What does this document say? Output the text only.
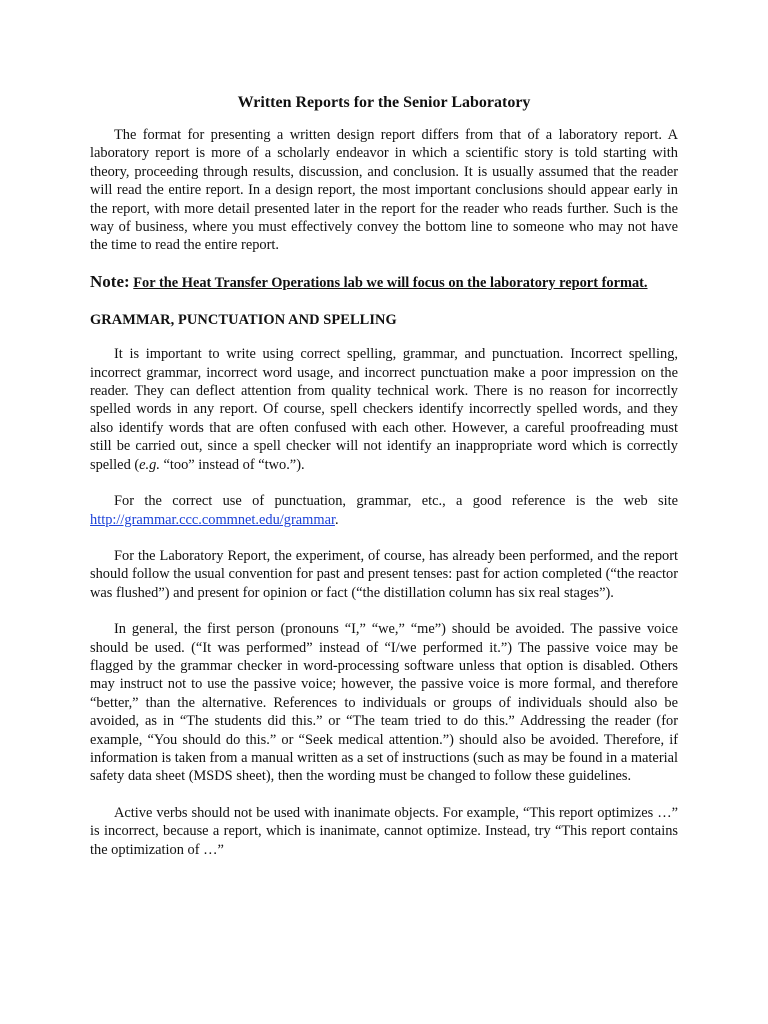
Written Reports for the Senior Laboratory

The format for presenting a written design report differs from that of a laboratory report. A laboratory report is more of a scholarly endeavor in which a scientific story is told starting with theory, proceeding through results, discussion, and conclusion. It is usually assumed that the reader will read the entire report. In a design report, the most important conclusions should appear early in the report, with more detail presented later in the report for the reader who reads further. Such is the way of business, where you must effectively convey the bottom line to someone who may not have the time to read the entire report.

Note: For the Heat Transfer Operations lab we will focus on the laboratory report format.
GRAMMAR, PUNCTUATION AND SPELLING

It is important to write using correct spelling, grammar, and punctuation. Incorrect spelling, incorrect grammar, incorrect word usage, and incorrect punctuation make a poor impression on the reader. They can deflect attention from quality technical work. There is no reason for incorrectly spelled words in any report. Of course, spell checkers identify incorrectly spelled words, and they also identify words that are often confused with each other. However, a careful proofreading must still be carried out, since a spell checker will not identify an inappropriate word which is correctly spelled (e.g. “too” instead of “two.”).

For the correct use of punctuation, grammar, etc., a good reference is the web site http://grammar.ccc.commnet.edu/grammar.

For the Laboratory Report, the experiment, of course, has already been performed, and the report should follow the usual convention for past and present tenses: past for action completed (“the reactor was flushed”) and present for opinion or fact (“the distillation column has six real stages”).

In general, the first person (pronouns “I,” “we,” “me”) should be avoided. The passive voice should be used. (“It was performed” instead of “I/we performed it.”) The passive voice may be flagged by the grammar checker in word-processing software unless that option is disabled. Others may instruct not to use the passive voice; however, the passive voice is more formal, and therefore “better,” than the alternative. References to individuals or groups of individuals should also be avoided, as in “The students did this.” or “The team tried to do this.” Addressing the reader (for example, “You should do this.” or “Seek medical attention.”) should also be avoided. Therefore, if information is taken from a manual written as a set of instructions (such as may be found in a material safety data sheet (MSDS sheet), then the wording must be changed to follow these guidelines.

Active verbs should not be used with inanimate objects. For example, “This report optimizes …” is incorrect, because a report, which is inanimate, cannot optimize. Instead, try “This report contains the optimization of …”
